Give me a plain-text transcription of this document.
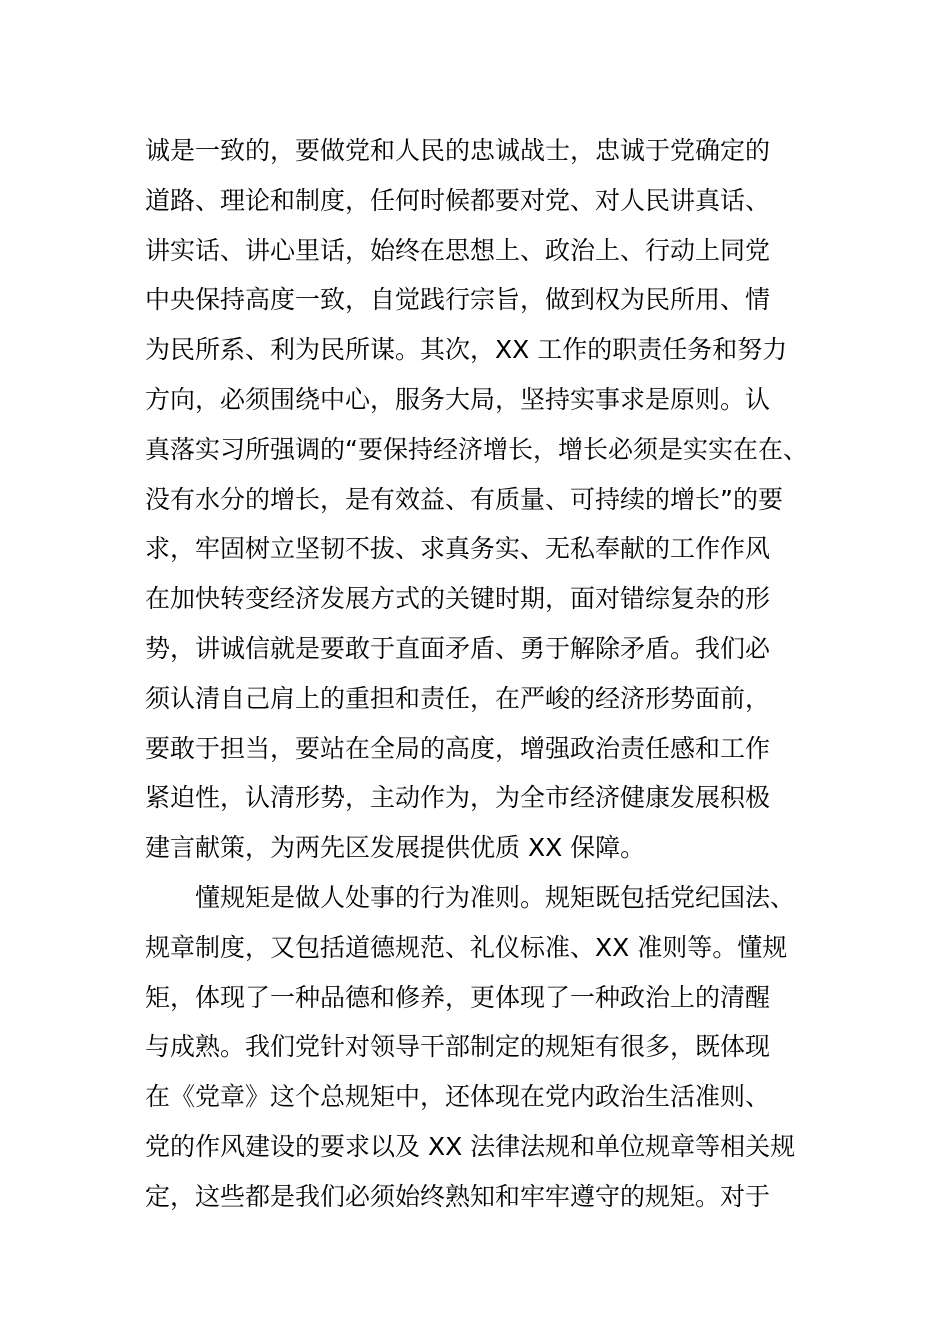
诚是一致的，要做党和人民的忠诚战士，忠诚于党确定的
道路、理论和制度，任何时候都要对党、对人民讲真话、
讲实话、讲心里话，始终在思想上、政治上、行动上同党
中央保持高度一致，自觉践行宗旨，做到权为民所用、情
为民所系、利为民所谋。其次，XX 工作的职责任务和努力
方向，必须围绕中心，服务大局，坚持实事求是原则。认
真落实习所强调的“要保持经济增长，增长必须是实实在在、
没有水分的增长，是有效益、有质量、可持续的增长”的要
求，牢固树立坚韧不拔、求真务实、无私奉献的工作作风
在加快转变经济发展方式的关键时期，面对错综复杂的形
势，讲诚信就是要敢于直面矛盾、勇于解除矛盾。我们必
须认清自己肩上的重担和责任，在严峻的经济形势面前，
要敢于担当，要站在全局的高度，增强政治责任感和工作
紧迫性，认清形势，主动作为，为全市经济健康发展积极
建言献策，为两先区发展提供优质 XX 保障。
懂规矩是做人处事的行为准则。规矩既包括党纪国法、
规章制度，又包括道德规范、礼仪标准、XX 准则等。懂规
矩，体现了一种品德和修养，更体现了一种政治上的清醒
与成熟。我们党针对领导干部制定的规矩有很多，既体现
在《党章》这个总规矩中，还体现在党内政治生活准则、
党的作风建设的要求以及 XX 法律法规和单位规章等相关规
定，这些都是我们必须始终熟知和牢牢遵守的规矩。对于
